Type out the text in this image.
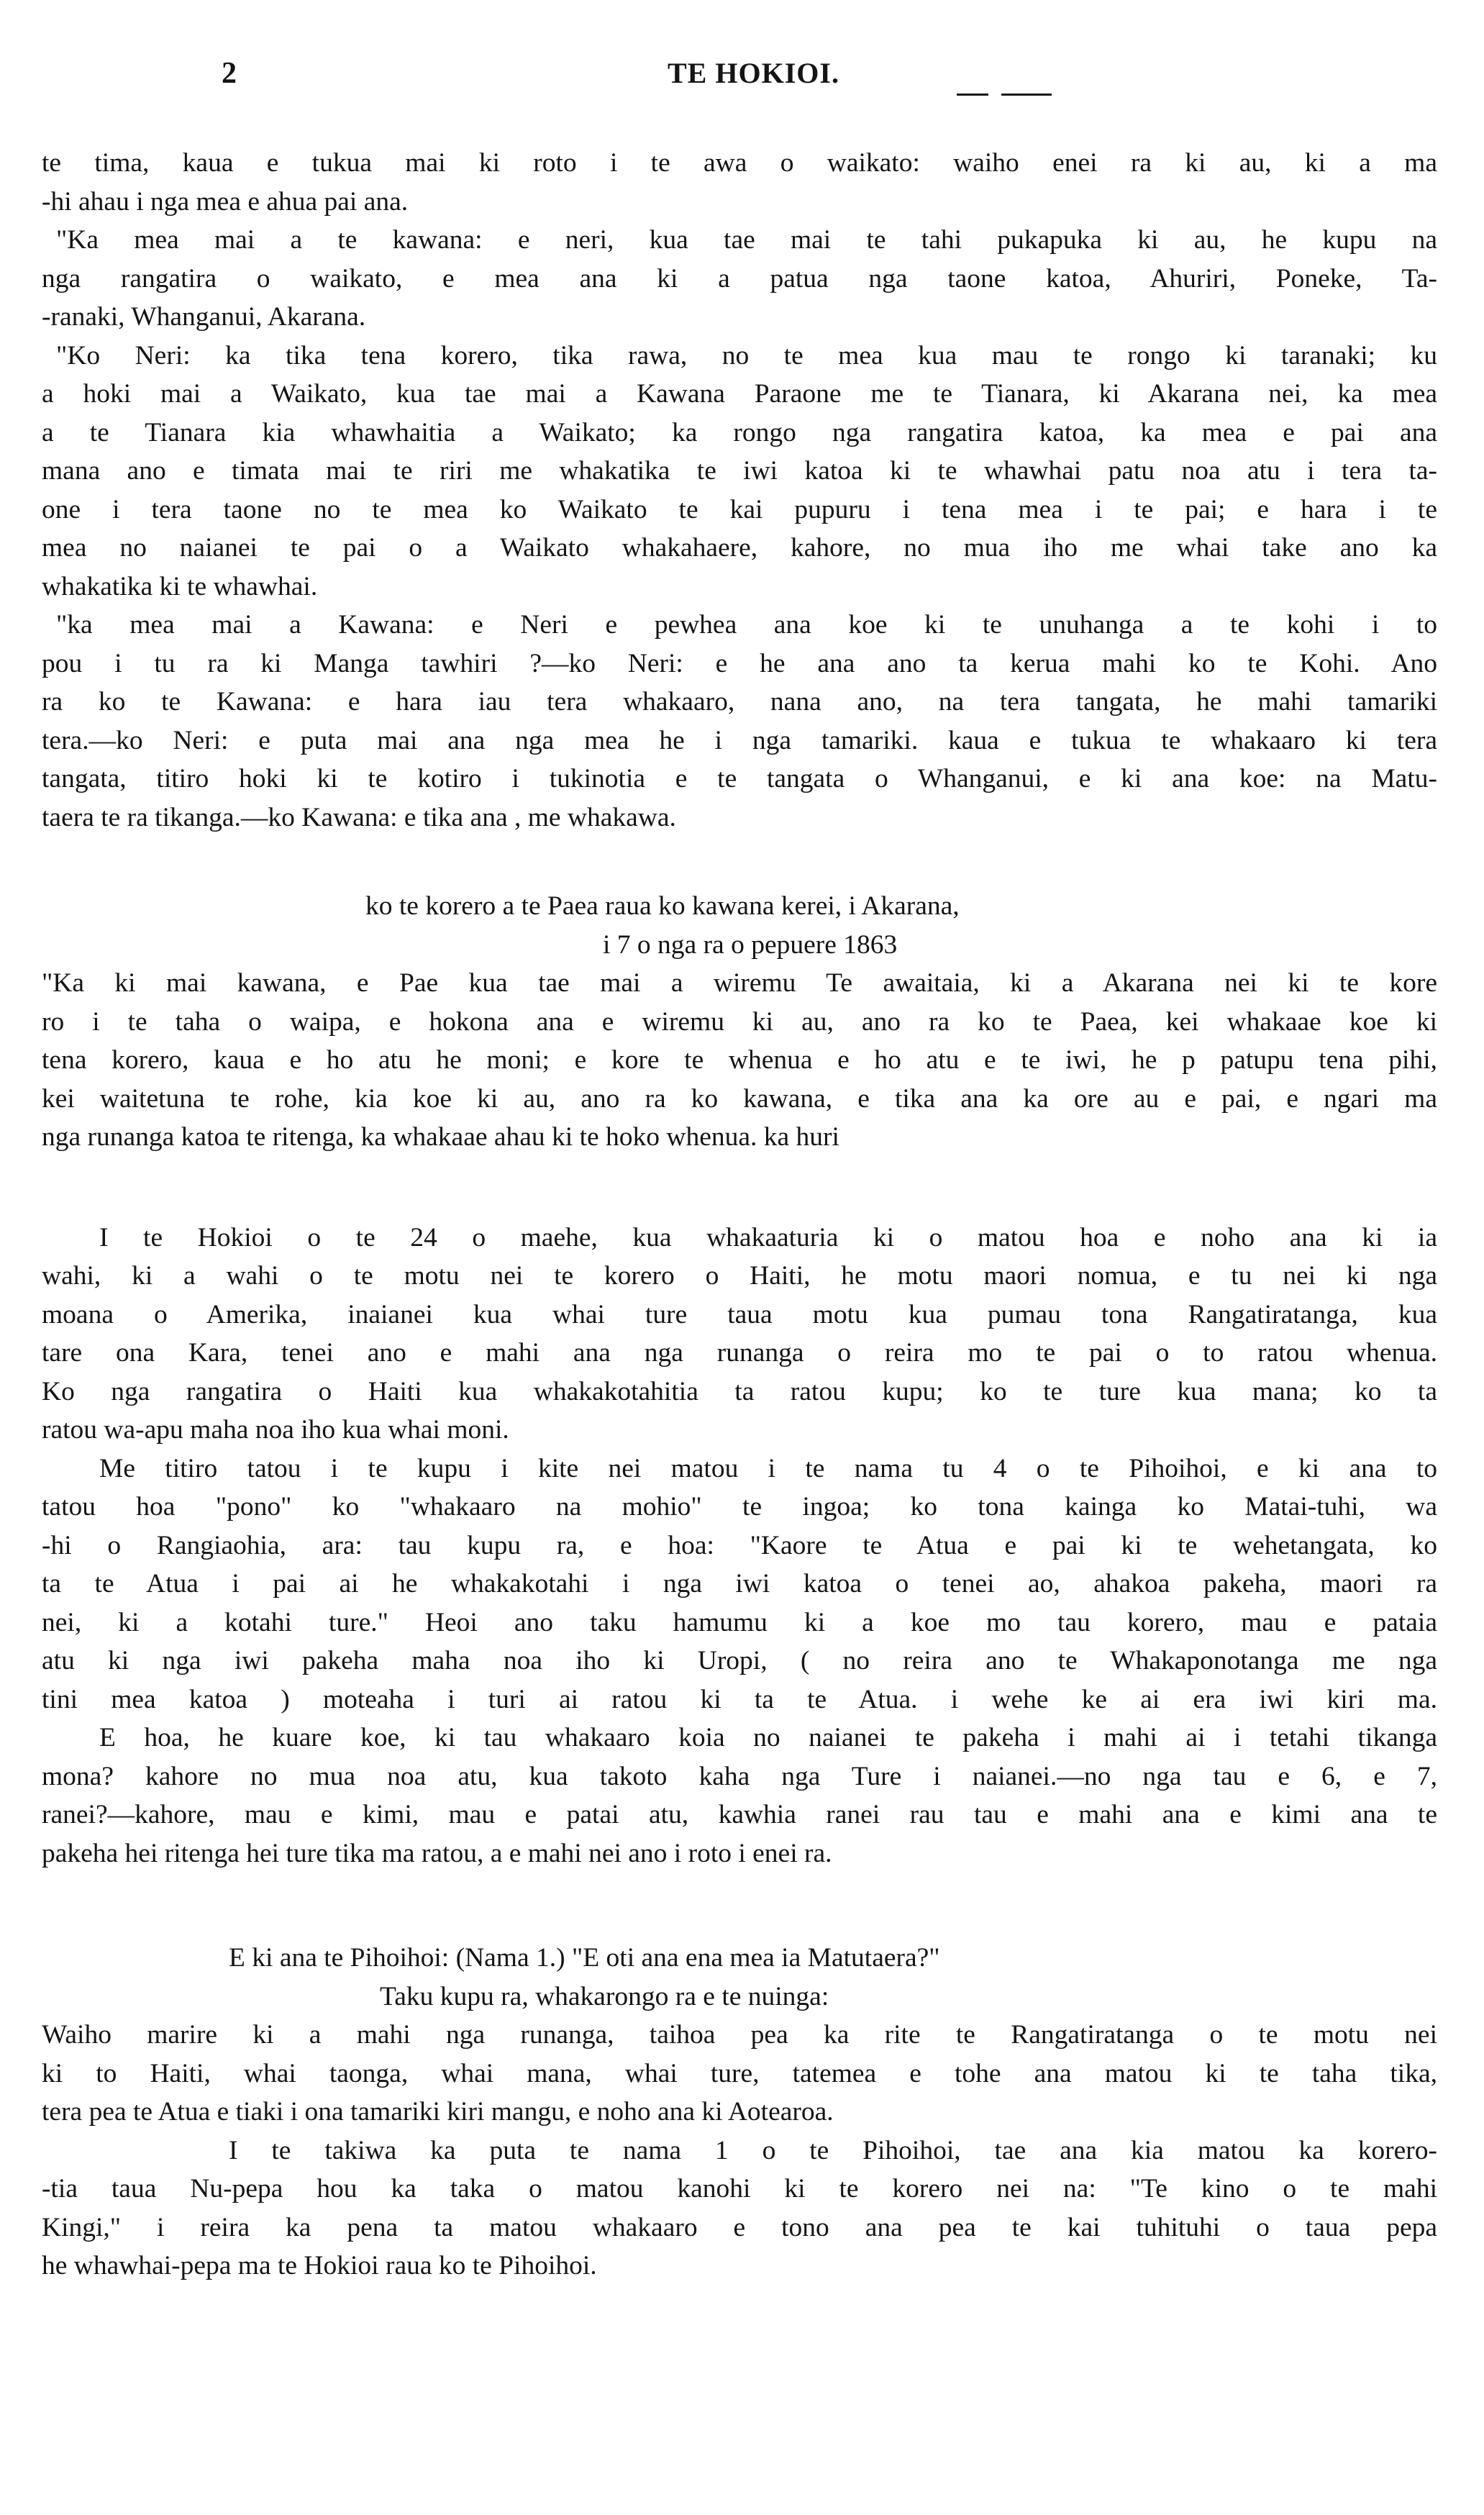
2	TE HOKIOI.
te tima, kaua e tukua mai ki roto i te awa o waikato: waiho enei ra ki au, ki a ma
-hi ahau i nga mea e ahua pai ana.
"Ka mea mai a te kawana: e neri, kua tae mai te tahi pukapuka ki au, he kupu na
nga rangatira o waikato, e mea ana ki a patua nga taone katoa, Ahuriri, Poneke, Ta-
-ranaki, Whanganui, Akarana.
"Ko Neri: ka tika tena korero, tika rawa, no te mea kua mau te rongo ki taranaki; ku
a hoki mai a Waikato, kua tae mai a Kawana Paraone me te Tianara, ki Akarana nei, ka mea
a te Tianara kia whawhaitia a Waikato; ka rongo nga rangatira katoa, ka mea e pai ana
mana ano e timata mai te riri me whakatika te iwi katoa ki te whawhai patu noa atu i tera ta-
one i tera taone no te mea ko Waikato te kai pupuru i tena mea i te pai; e hara i te
mea no naianei te pai o a Waikato whakahaere, kahore, no mua iho me whai take ano ka
whakatika ki te whawhai.
"ka mea mai a Kawana: e Neri e pewhea ana koe ki te unuhanga a te kohi i to
pou i tu ra ki Manga tawhiri ?—ko Neri: e he ana ano ta kerua mahi ko te Kohi. Ano
ra ko te Kawana: e hara iau tera whakaaro, nana ano, na tera tangata, he mahi tamariki
tera.—ko Neri: e puta mai ana nga mea he i nga tamariki. kaua e tukua te whakaaro ki tera
tangata, titiro hoki ki te kotiro i tukinotia e te tangata o Whanganui, e ki ana koe: na Matu-
taera te ra tikanga.—ko Kawana: e tika ana , me whakawa.
ko te korero a te Paea raua ko kawana kerei, i Akarana,
i 7 o nga ra o pepuere 1863
"Ka ki mai kawana, e Pae kua tae mai a wiremu Te awaitaia, ki a Akarana nei ki te kore
ro i te taha o waipa, e hokona ana e wiremu ki au, ano ra ko te Paea, kei whakaae koe ki
tena korero, kaua e ho atu he moni; e kore te whenua e ho atu e te iwi, he p patupu tena pihi,
kei waitetuna te rohe, kia koe ki au, ano ra ko kawana, e tika ana ka ore au e pai, e ngari ma
nga runanga katoa te ritenga, ka whakaae ahau ki te hoko whenua. ka huri
I te Hokioi o te 24 o maehe, kua whakaaturia ki o matou hoa e noho ana ki ia
wahi, ki a wahi o te motu nei te korero o Haiti, he motu maori nomua, e tu nei ki nga
moana o Amerika, inaianei kua whai ture taua motu kua pumau tona Rangatiratanga, kua
tare ona Kara, tenei ano e mahi ana nga runanga o reira mo te pai o to ratou whenua.
Ko nga rangatira o Haiti kua whakakotahitia ta ratou kupu; ko te ture kua mana; ko ta
ratou wa-apu maha noa iho kua whai moni.
Me titiro tatou i te kupu i kite nei matou i te nama tu 4 o te Pihoihoi, e ki ana to
tatou hoa "pono" ko "whakaaro na mohio" te ingoa; ko tona kainga ko Matai-tuhi, wa
-hi o Rangiaohia, ara: tau kupu ra, e hoa: "Kaore te Atua e pai ki te wehetangata, ko
ta te Atua i pai ai he whakakotahi i nga iwi katoa o tenei ao, ahakoa pakeha, maori ra
nei, ki a kotahi ture." Heoi ano taku hamumu ki a koe mo tau korero, mau e pataia
atu ki nga iwi pakeha maha noa iho ki Uropi, ( no reira ano te Whakaponotanga me nga
tini mea katoa ) moteaha i turi ai ratou ki ta te Atua. i wehe ke ai era iwi kiri ma.
E hoa, he kuare koe, ki tau whakaaro koia no naianei te pakeha i mahi ai i tetahi tikanga
mona? kahore no mua noa atu, kua takoto kaha nga Ture i naianei.—no nga tau e 6, e 7,
ranei?—kahore, mau e kimi, mau e patai atu, kawhia ranei rau tau e mahi ana e kimi ana te
pakeha hei ritenga hei ture tika ma ratou, a e mahi nei ano i roto i enei ra.
E ki ana te Pihoihoi: (Nama 1.) "E oti ana ena mea ia Matutaera?"
Taku kupu ra, whakarongo ra e te nuinga:
Waiho marire ki a mahi nga runanga, taihoa pea ka rite te Rangatiratanga o te motu nei
ki to Haiti, whai taonga, whai mana, whai ture, tatemea e tohe ana matou ki te taha tika,
tera pea te Atua e tiaki i ona tamariki kiri mangu, e noho ana ki Aotearoa.
I te takiwa ka puta te nama 1 o te Pihoihoi, tae ana kia matou ka korero-
-tia taua Nu-pepa hou ka taka o matou kanohi ki te korero nei na: "Te kino o te mahi
Kingi," i reira ka pena ta matou whakaaro e tono ana pea te kai tuhituhi o taua pepa
he whawhai-pepa ma te Hokioi raua ko te Pihoihoi.
